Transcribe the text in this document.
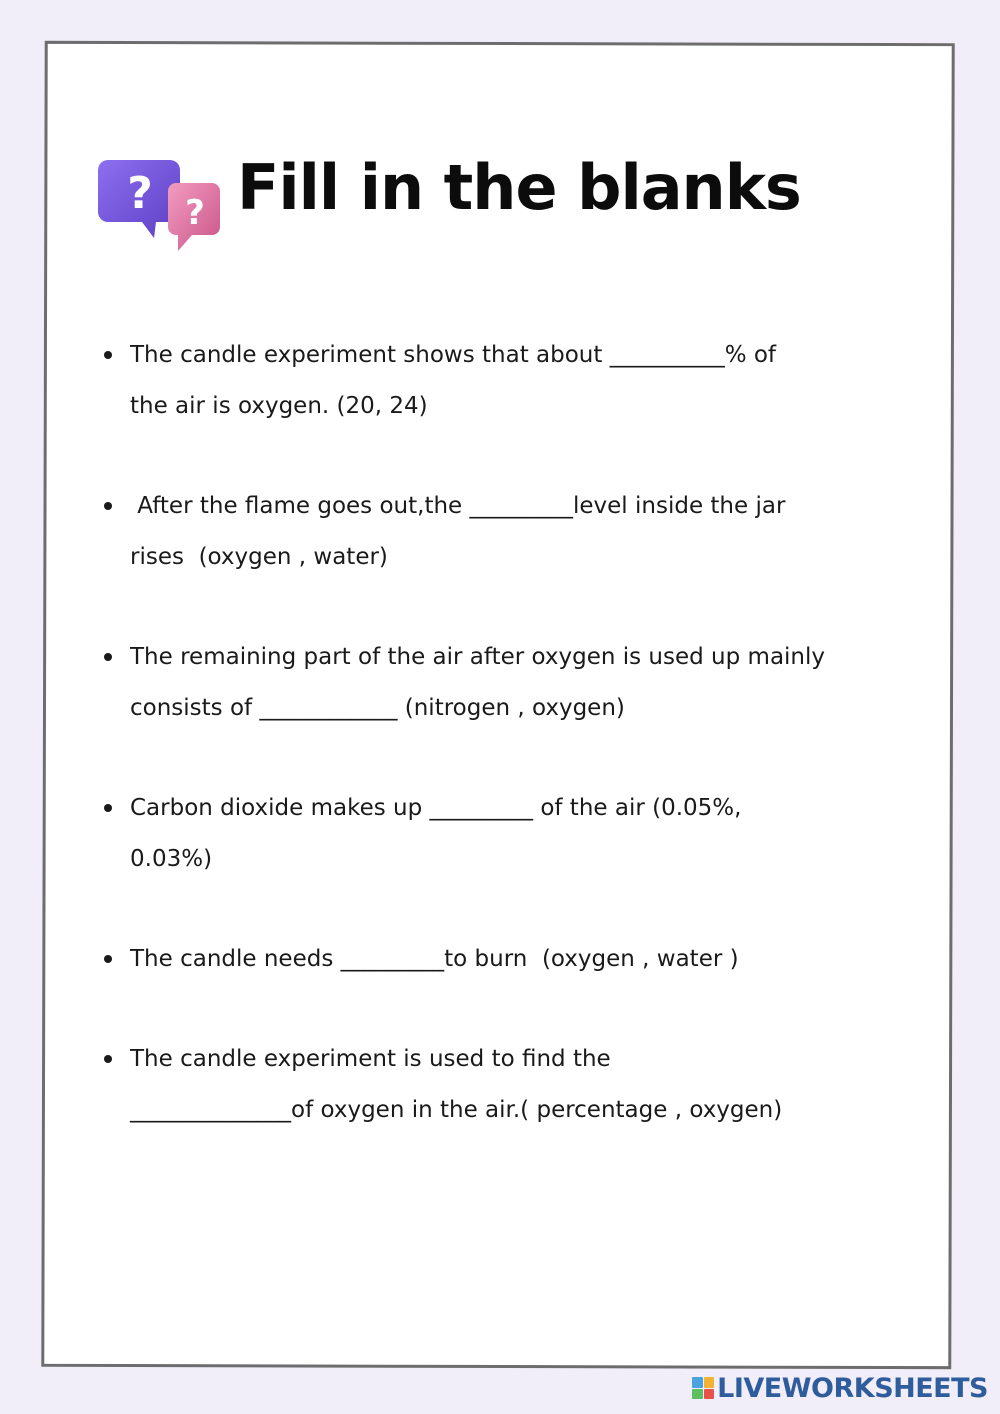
? ? Fill in the blanks
The candle experiment shows that about __________% of
the air is oxygen. (20, 24)
After the flame goes out,the _________level inside the jar
rises  (oxygen , water)
The remaining part of the air after oxygen is used up mainly
consists of ____________ (nitrogen , oxygen)
Carbon dioxide makes up _________ of the air (0.05%,
0.03%)
The candle needs _________to burn  (oxygen , water )
The candle experiment is used to find the
______________of oxygen in the air.( percentage , oxygen)
LIVEWORKSHEETS
